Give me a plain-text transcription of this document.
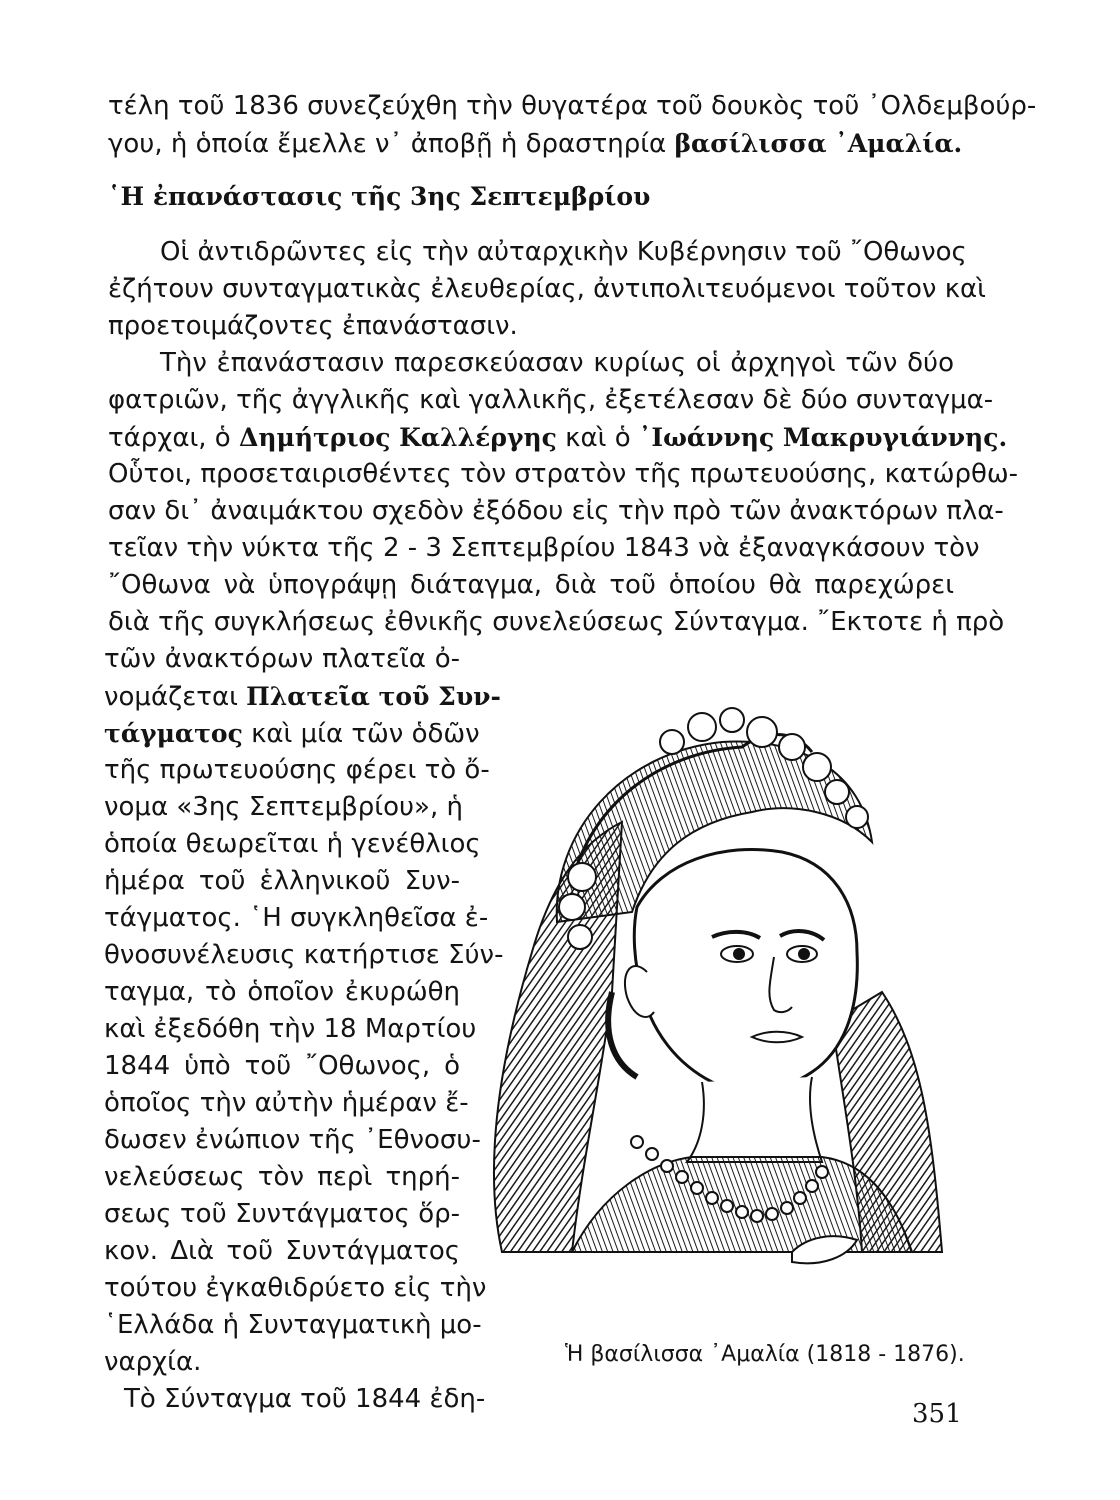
τέλη τοῦ 1836 συνεζεύχθη τὴν θυγατέρα τοῦ δουκὸς τοῦ ᾿Ολδεμβούρ-
γου, ἡ ὁποία ἔμελλε ν᾿ ἀποβῇ ἡ δραστηρία βασίλισσα ᾿Αμαλία.
῾Η ἐπανάστασις τῆς 3ης Σεπτεμβρίου
Οἱ ἀντιδρῶντες εἰς τὴν αὐταρχικὴν Κυβέρνησιν τοῦ ῎Οθωνος
ἐζήτουν συνταγματικὰς ἐλευθερίας, ἀντιπολιτευόμενοι τοῦτον καὶ
προετοιμάζοντες ἐπανάστασιν.
Τὴν ἐπανάστασιν παρεσκεύασαν κυρίως οἱ ἀρχηγοὶ τῶν δύο
φατριῶν, τῆς ἀγγλικῆς καὶ γαλλικῆς, ἐξετέλεσαν δὲ δύο συνταγμα-
τάρχαι, ὁ Δημήτριος Καλλέργης καὶ ὁ ᾿Ιωάννης Μακρυγιάννης.
Οὗτοι, προσεταιρισθέντες τὸν στρατὸν τῆς πρωτευούσης, κατώρθω-
σαν δι᾿ ἀναιμάκτου σχεδὸν ἐξόδου εἰς τὴν πρὸ τῶν ἀνακτόρων πλα-
τεῖαν τὴν νύκτα τῆς 2 - 3 Σεπτεμβρίου 1843 νὰ ἐξαναγκάσουν τὸν
῎Οθωνα νὰ ὑπογράψῃ διάταγμα, διὰ τοῦ ὁποίου θὰ παρεχώρει
διὰ τῆς συγκλήσεως ἐθνικῆς συνελεύσεως Σύνταγμα. ῎Εκτοτε ἡ πρὸ
τῶν ἀνακτόρων πλατεῖα ὀ-
νομάζεται Πλατεῖα τοῦ Συν-
τάγματος καὶ μία τῶν ὁδῶν
τῆς πρωτευούσης φέρει τὸ ὄ-
νομα «3ης Σεπτεμβρίου», ἡ
ὁποία θεωρεῖται ἡ γενέθλιος
ἡμέρα τοῦ ἑλληνικοῦ Συν-
τάγματος. ῾Η συγκληθεῖσα ἐ-
θνοσυνέλευσις κατήρτισε Σύν-
ταγμα, τὸ ὁποῖον ἐκυρώθη
καὶ ἐξεδόθη τὴν 18 Μαρτίου
1844 ὑπὸ τοῦ ῎Οθωνος, ὁ
ὁποῖος τὴν αὐτὴν ἡμέραν ἔ-
δωσεν ἐνώπιον τῆς ᾿Εθνοσυ-
νελεύσεως τὸν περὶ τηρή-
σεως τοῦ Συντάγματος ὅρ-
κον. Διὰ τοῦ Συντάγματος
τούτου ἐγκαθιδρύετο εἰς τὴν
῾Ελλάδα ἡ Συνταγματικὴ μο-
ναρχία.
Τὸ Σύνταγμα τοῦ 1844 ἐδη-
Ἡ βασίλισσα ᾿Αμαλία (1818 - 1876).
351
